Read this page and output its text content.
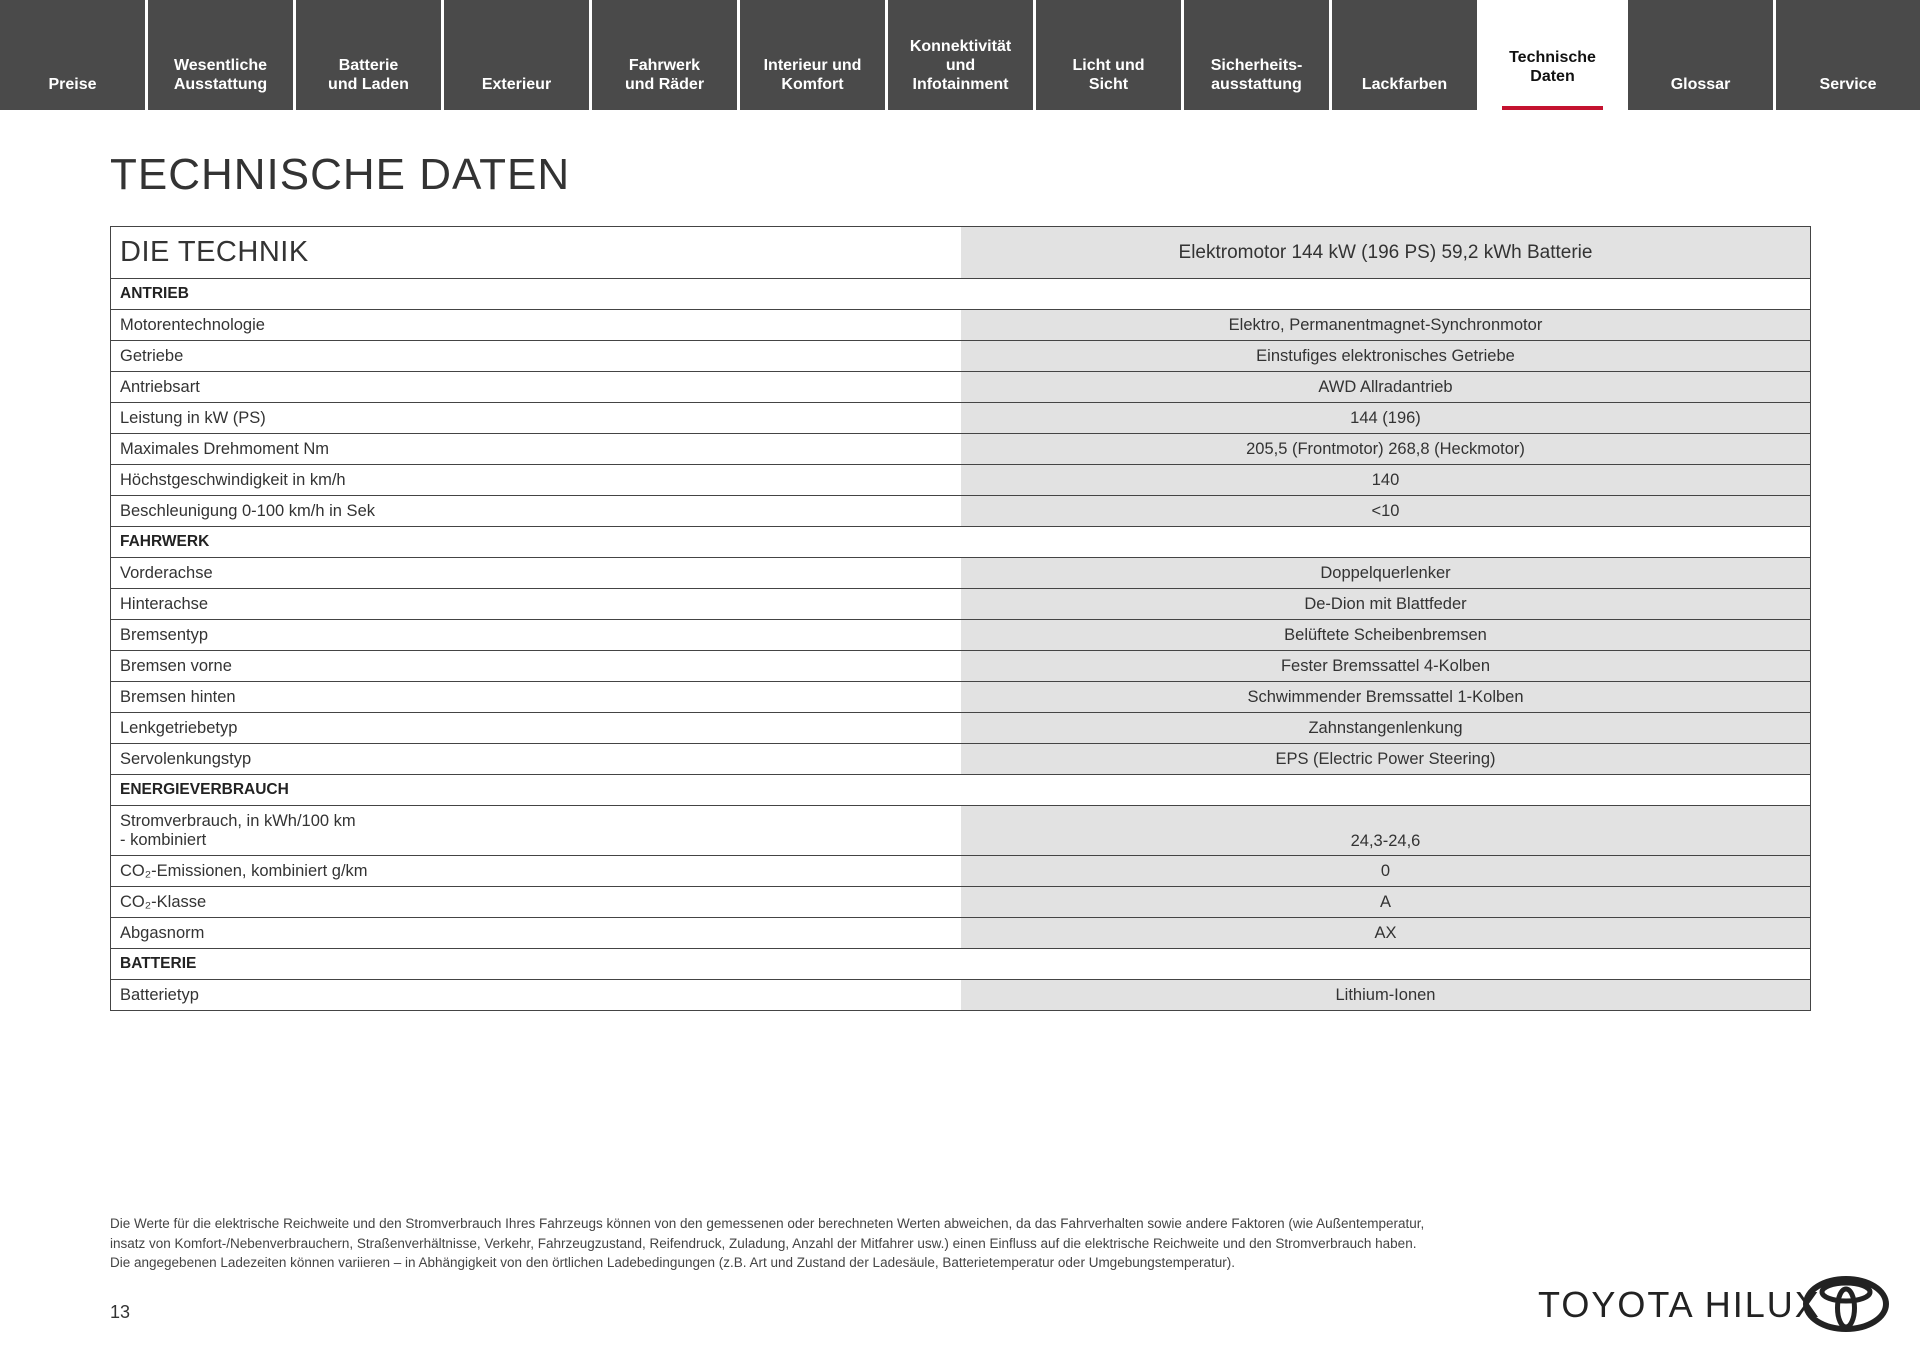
Preise
Wesentliche
Ausstattung
Batterie
und Laden	Exterieur
Fahrwerk
und Räder
Interieur und
Komfort
Konnektivität
und
Infotainment
Licht und
Sicht
Sicherheits-
ausstattung	Lackfarben
Technische
Daten	Glossar	Service
TECHNISCHE DATEN
DIE TECHNIK	Elektromotor 144 kW (196 PS) 59,2 kWh Batterie
ANTRIEB
Motorentechnologie	Elektro, Permanentmagnet-Synchronmotor
Getriebe	Einstufiges elektronisches Getriebe
Antriebsart	AWD Allradantrieb
Leistung in kW (PS)	144 (196)
Maximales Drehmoment Nm	205,5 (Frontmotor) 268,8 (Heckmotor)
Höchstgeschwindigkeit in km/h	140
Beschleunigung 0-100 km/h in Sek	<10
FAHRWERK
Vorderachse	Doppelquerlenker
Hinterachse	De-Dion mit Blattfeder
Bremsentyp	Belüftete Scheibenbremsen
Bremsen vorne	Fester Bremssattel 4-Kolben
Bremsen hinten	Schwimmender Bremssattel 1-Kolben
Lenkgetriebetyp	Zahnstangenlenkung
Servolenkungstyp	EPS (Electric Power Steering)
ENERGIEVERBRAUCH
Stromverbrauch, in kWh/100 km
- kombiniert	24,3-24,6
CO₂-Emissionen, kombiniert g/km	0
CO₂-Klasse	A
Abgasnorm	AX
BATTERIE
Batterietyp	Lithium-Ionen
Die Werte für die elektrische Reichweite und den Stromverbrauch Ihres Fahrzeugs können von den gemessenen oder berechneten Werten abweichen, da das Fahrverhalten sowie andere Faktoren (wie Außentemperatur,
insatz von Komfort-/Nebenverbrauchern, Straßenverhältnisse, Verkehr, Fahrzeugzustand, Reifendruck, Zuladung, Anzahl der Mitfahrer usw.) einen Einfluss auf die elektrische Reichweite und den Stromverbrauch haben.
Die angegebenen Ladezeiten können variieren – in Abhängigkeit von den örtlichen Ladebedingungen (z.B. Art und Zustand der Ladesäule, Batterietemperatur oder Umgebungstemperatur).
13	TOYOTA HILUX
